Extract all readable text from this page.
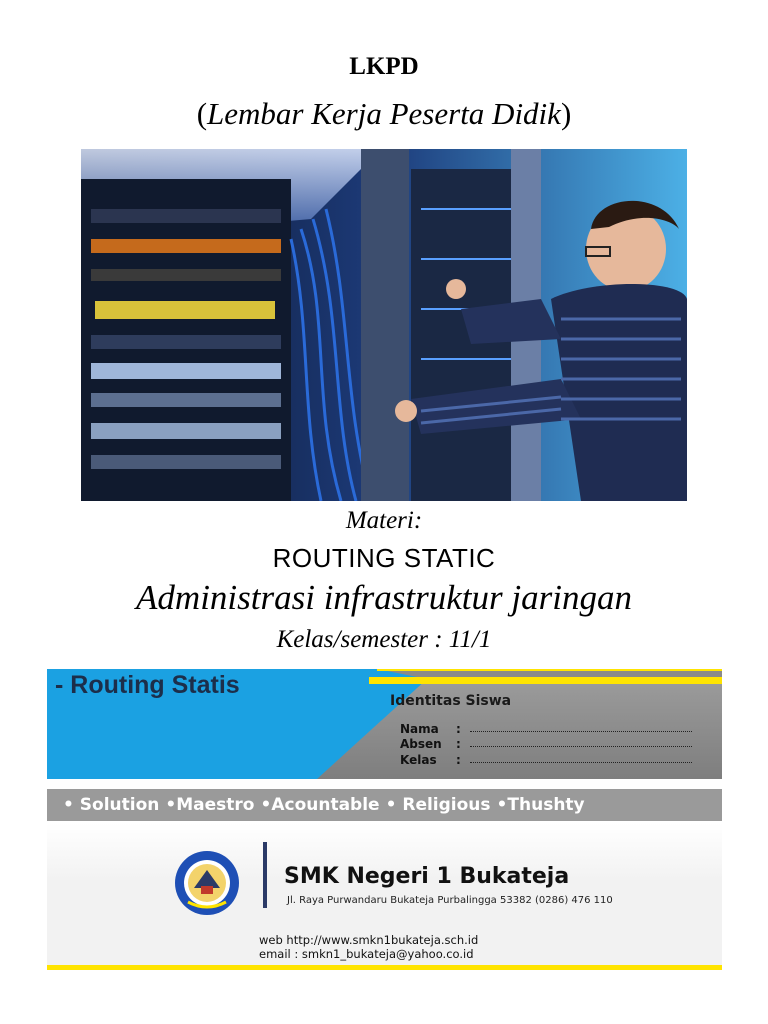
LKPD
(Lembar Kerja Peserta Didik)
Materi:
ROUTING STATIC
Administrasi infrastruktur jaringan
Kelas/semester : 11/1
- Routing Statis
Identitas Siswa
Nama	:
Absen	:
Kelas	:
• Solution •Maestro •Acountable • Religious •Thushty
SMK Negeri 1 Bukateja
Jl. Raya Purwandaru Bukateja Purbalingga 53382 (0286) 476 110
web http://www.smkn1bukateja.sch.id
email : smkn1_bukateja@yahoo.co.id
